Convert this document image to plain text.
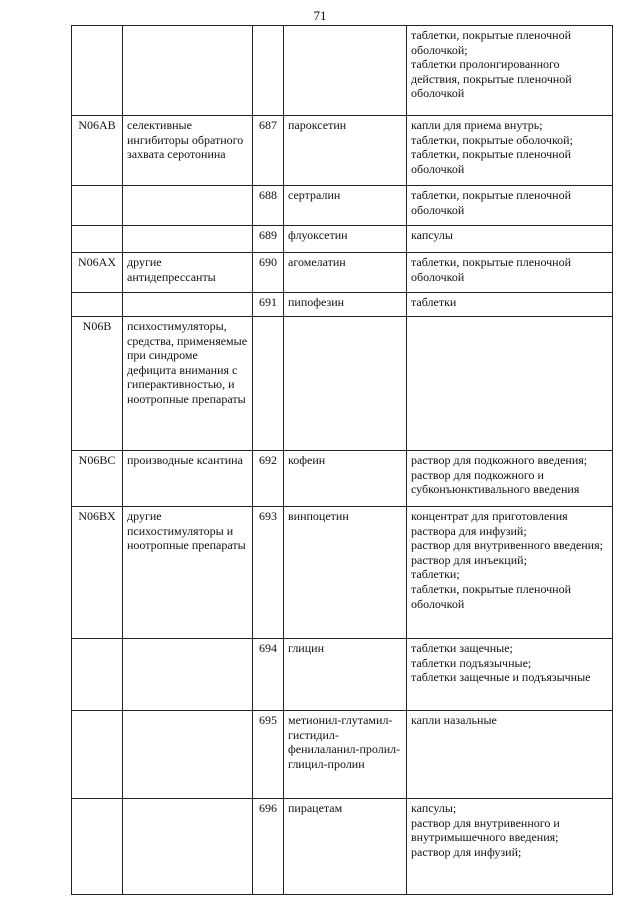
71

				таблетки, покрытые пленочной оболочкой;
таблетки пролонгированного действия, покрытые пленочной оболочкой

N06AB	селективные ингибиторы обратного захвата серотонина	687	пароксетин	капли для приема внутрь;
таблетки, покрытые оболочкой;
таблетки, покрытые пленочной оболочкой

		688	сертралин	таблетки, покрытые пленочной оболочкой

		689	флуоксетин	капсулы

N06AX	другие антидепрессанты	690	агомелатин	таблетки, покрытые пленочной оболочкой

		691	пипофезин	таблетки

N06B	психостимуляторы, средства, применяемые при синдроме дефицита внимания с гиперактивностью, и ноотропные препараты			
N06BC	производные ксантина	692	кофеин	раствор для подкожного введения;
раствор для подкожного и субконъюнктивального введения

N06BX	другие психостимуляторы и ноотропные препараты	693	винпоцетин	концентрат для приготовления раствора для инфузий;
раствор для внутривенного введения;
раствор для инъекций;
таблетки;
таблетки, покрытые пленочной оболочкой

		694	глицин	таблетки защечные;
таблетки подъязычные;
таблетки защечные и подъязычные

		695	метионил-глутамил-гистидил-фенилаланил-пролил-глицил-пролин	капли назальные

		696	пирацетам	капсулы;
раствор для внутривенного и внутримышечного введения;
раствор для инфузий;
